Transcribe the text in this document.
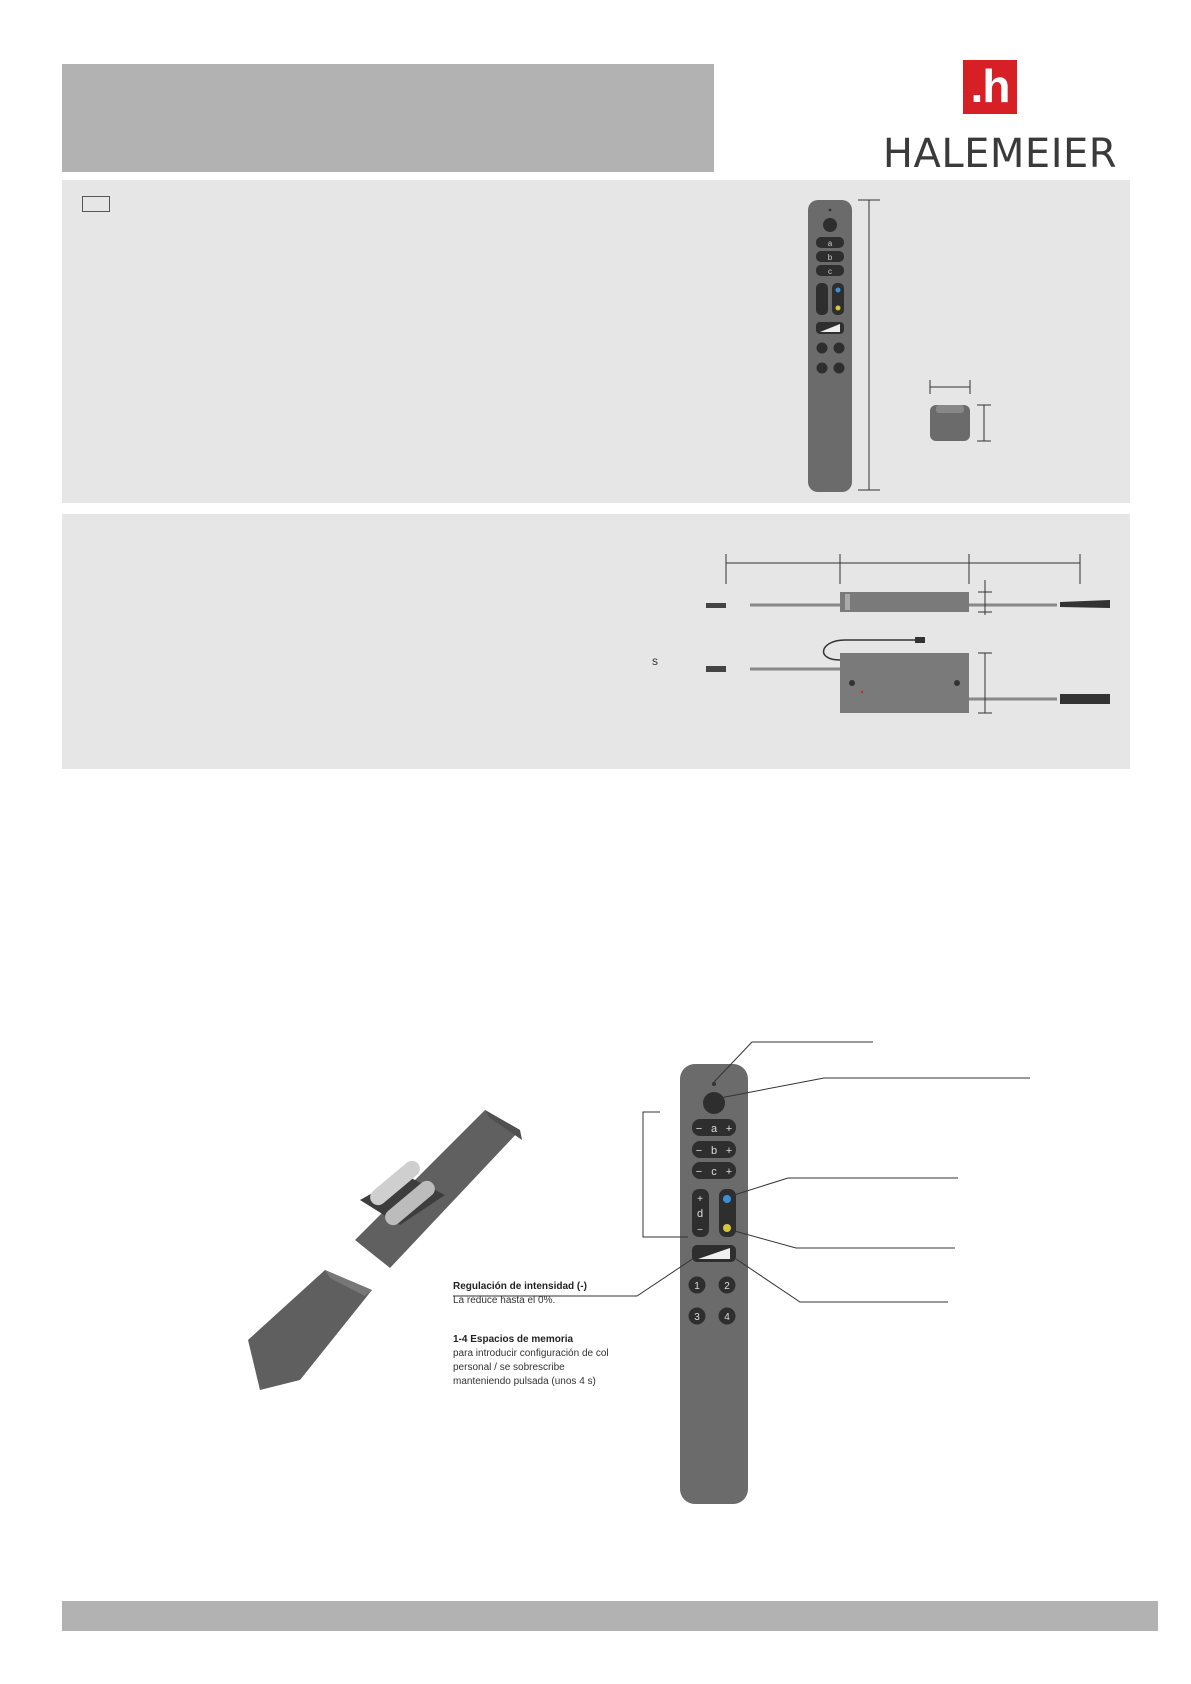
.h
HALEMEIER
a
b
c
s
a
b
c
−
−
−
+
+
+
+
d
−
1 2
3 4
Regulación de intensidad (-)
La reduce hasta el 0%.
1-4 Espacios de memoria
para introducir configuración de col
personal / se sobrescribe
manteniendo pulsada (unos 4 s)
